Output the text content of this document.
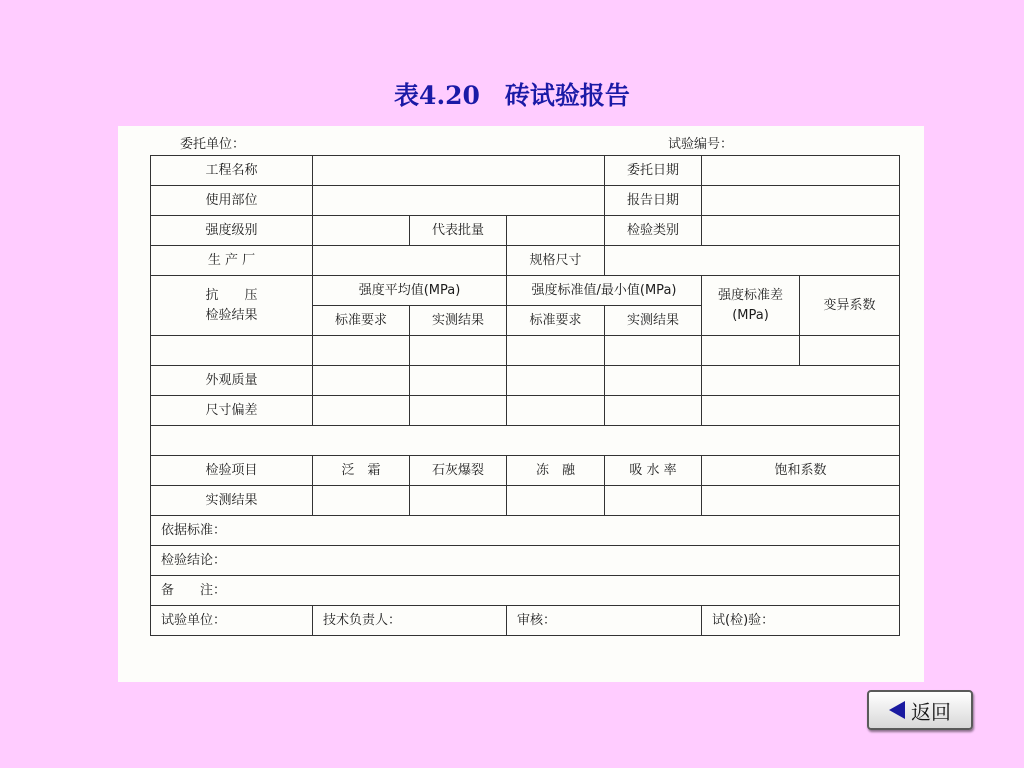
表4.20　砖试验报告
委托单位：	试验编号：
工程名称				委托日期		
使用部位				报告日期		
强度级别		代表批量		检验类别		
生 产 厂			规格尺寸			
抗　　压
检验结果	强度平均值(MPa)		强度标准值/最小值(MPa)		强度标准差(MPa)	变异系数
	标准要求	实测结果	标准要求	实测结果		

外观质量						
尺寸偏差						

检验项目	泛　霜	石灰爆裂	冻　融	吸 水 率	饱和系数	
实测结果						
依据标准：						
检验结论：						
备　　注：						
试验单位：	技术负责人：		审核：		试(检)验：	
返回
